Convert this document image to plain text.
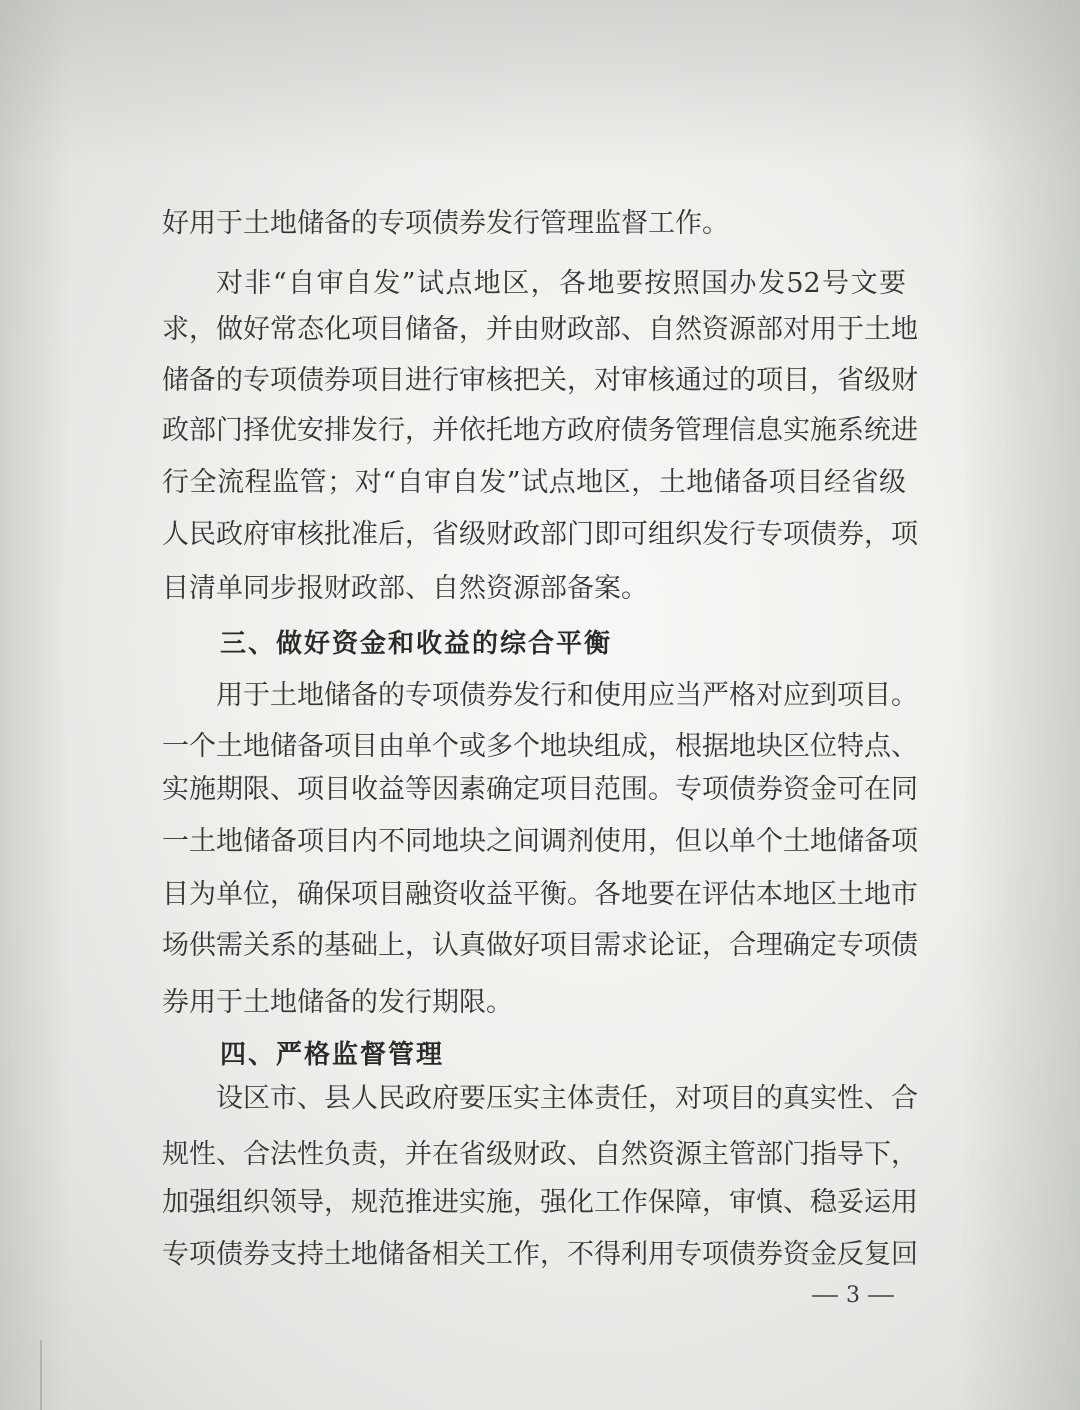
好用于土地储备的专项债券发行管理监督工作。
对非“自审自发”试点地区，各地要按照国办发52号文要
求，做好常态化项目储备，并由财政部、自然资源部对用于土地
储备的专项债券项目进行审核把关，对审核通过的项目，省级财
政部门择优安排发行，并依托地方政府债务管理信息实施系统进
行全流程监管；对“自审自发”试点地区，土地储备项目经省级
人民政府审核批准后，省级财政部门即可组织发行专项债券，项
目清单同步报财政部、自然资源部备案。
三、做好资金和收益的综合平衡
用于土地储备的专项债券发行和使用应当严格对应到项目。
一个土地储备项目由单个或多个地块组成，根据地块区位特点、
实施期限、项目收益等因素确定项目范围。专项债券资金可在同
一土地储备项目内不同地块之间调剂使用，但以单个土地储备项
目为单位，确保项目融资收益平衡。各地要在评估本地区土地市
场供需关系的基础上，认真做好项目需求论证，合理确定专项债
券用于土地储备的发行期限。
四、严格监督管理
设区市、县人民政府要压实主体责任，对项目的真实性、合
规性、合法性负责，并在省级财政、自然资源主管部门指导下，
加强组织领导，规范推进实施，强化工作保障，审慎、稳妥运用
专项债券支持土地储备相关工作，不得利用专项债券资金反复回
3
